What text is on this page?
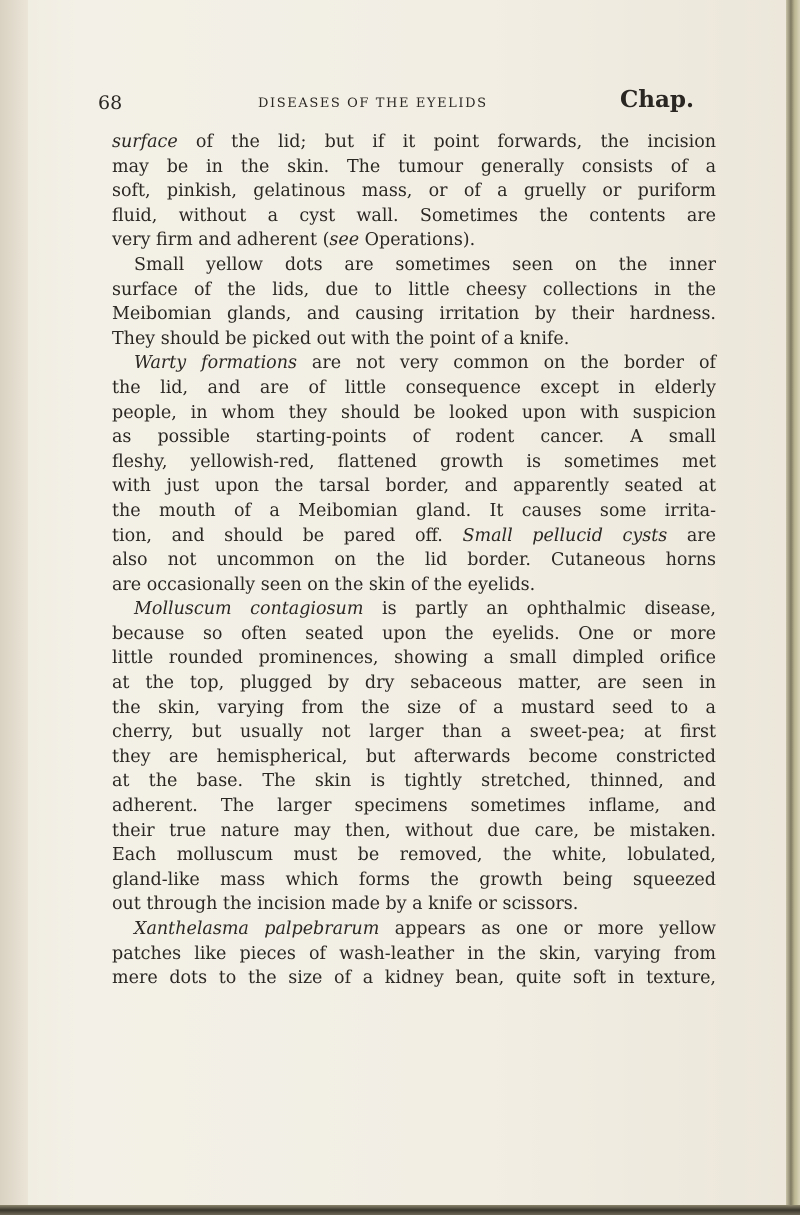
68	DISEASES OF THE EYELIDS	Chap.
surface of the lid; but if it point forwards, the incision
may be in the skin. The tumour generally consists of a
soft, pinkish, gelatinous mass, or of a gruelly or puriform
fluid, without a cyst wall. Sometimes the contents are
very firm and adherent (see Operations).
Small yellow dots are sometimes seen on the inner
surface of the lids, due to little cheesy collections in the
Meibomian glands, and causing irritation by their hardness.
They should be picked out with the point of a knife.
Warty formations are not very common on the border of
the lid, and are of little consequence except in elderly
people, in whom they should be looked upon with suspicion
as possible starting-points of rodent cancer. A small
fleshy, yellowish-red, flattened growth is sometimes met
with just upon the tarsal border, and apparently seated at
the mouth of a Meibomian gland. It causes some irrita-
tion, and should be pared off. Small pellucid cysts are
also not uncommon on the lid border. Cutaneous horns
are occasionally seen on the skin of the eyelids.
Molluscum contagiosum is partly an ophthalmic disease,
because so often seated upon the eyelids. One or more
little rounded prominences, showing a small dimpled orifice
at the top, plugged by dry sebaceous matter, are seen in
the skin, varying from the size of a mustard seed to a
cherry, but usually not larger than a sweet-pea; at first
they are hemispherical, but afterwards become constricted
at the base. The skin is tightly stretched, thinned, and
adherent. The larger specimens sometimes inflame, and
their true nature may then, without due care, be mistaken.
Each molluscum must be removed, the white, lobulated,
gland-like mass which forms the growth being squeezed
out through the incision made by a knife or scissors.
Xanthelasma palpebrarum appears as one or more yellow
patches like pieces of wash-leather in the skin, varying from
mere dots to the size of a kidney bean, quite soft in texture,
